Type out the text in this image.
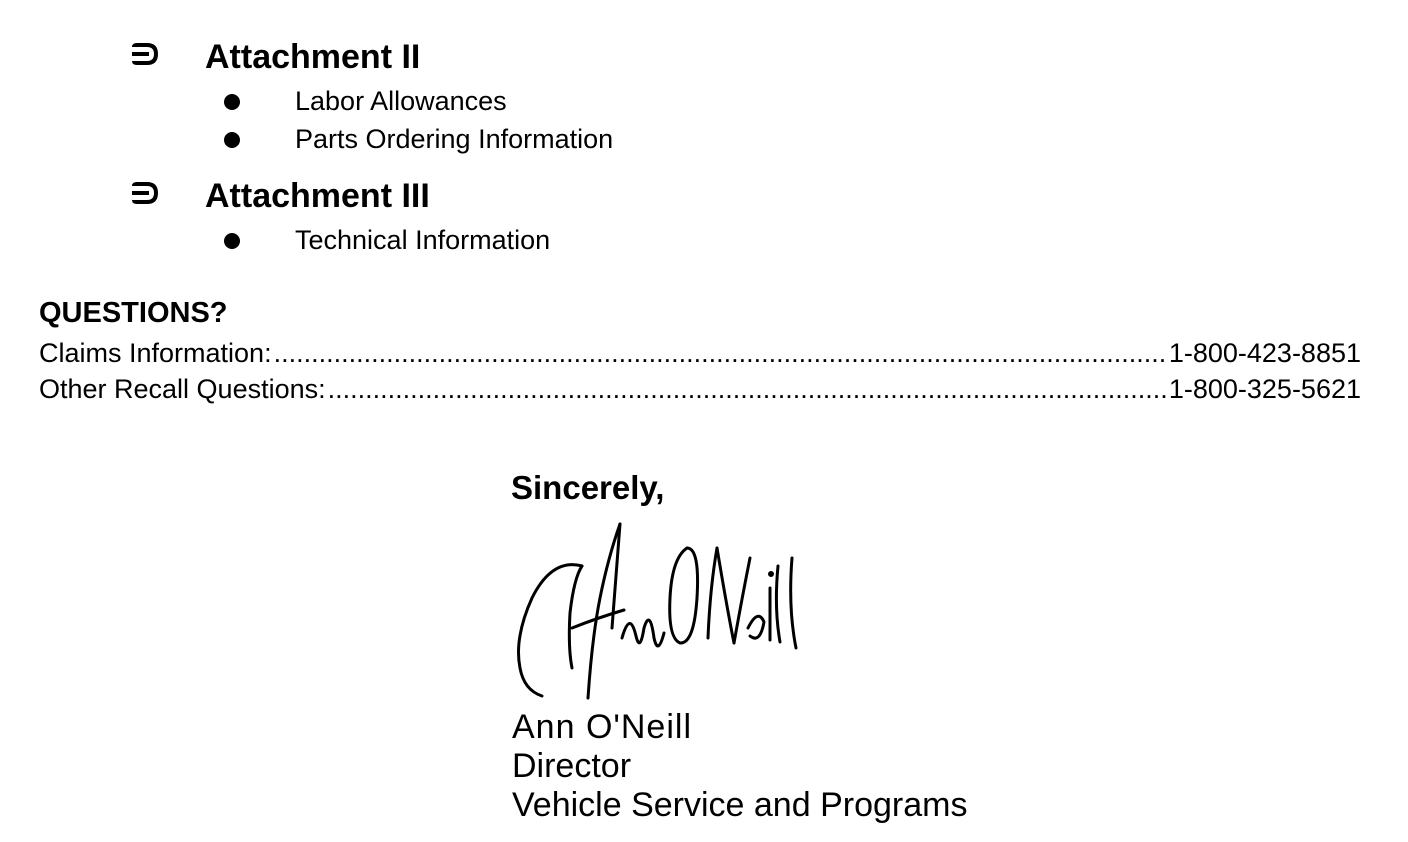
Attachment II
Labor Allowances
Parts Ordering Information
Attachment III
Technical Information
QUESTIONS?
Claims Information: .....	1-800-423-8851
Other Recall Questions: .....	1-800-325-5621
Sincerely,
Ann O'Neill
Director
Vehicle Service and Programs
